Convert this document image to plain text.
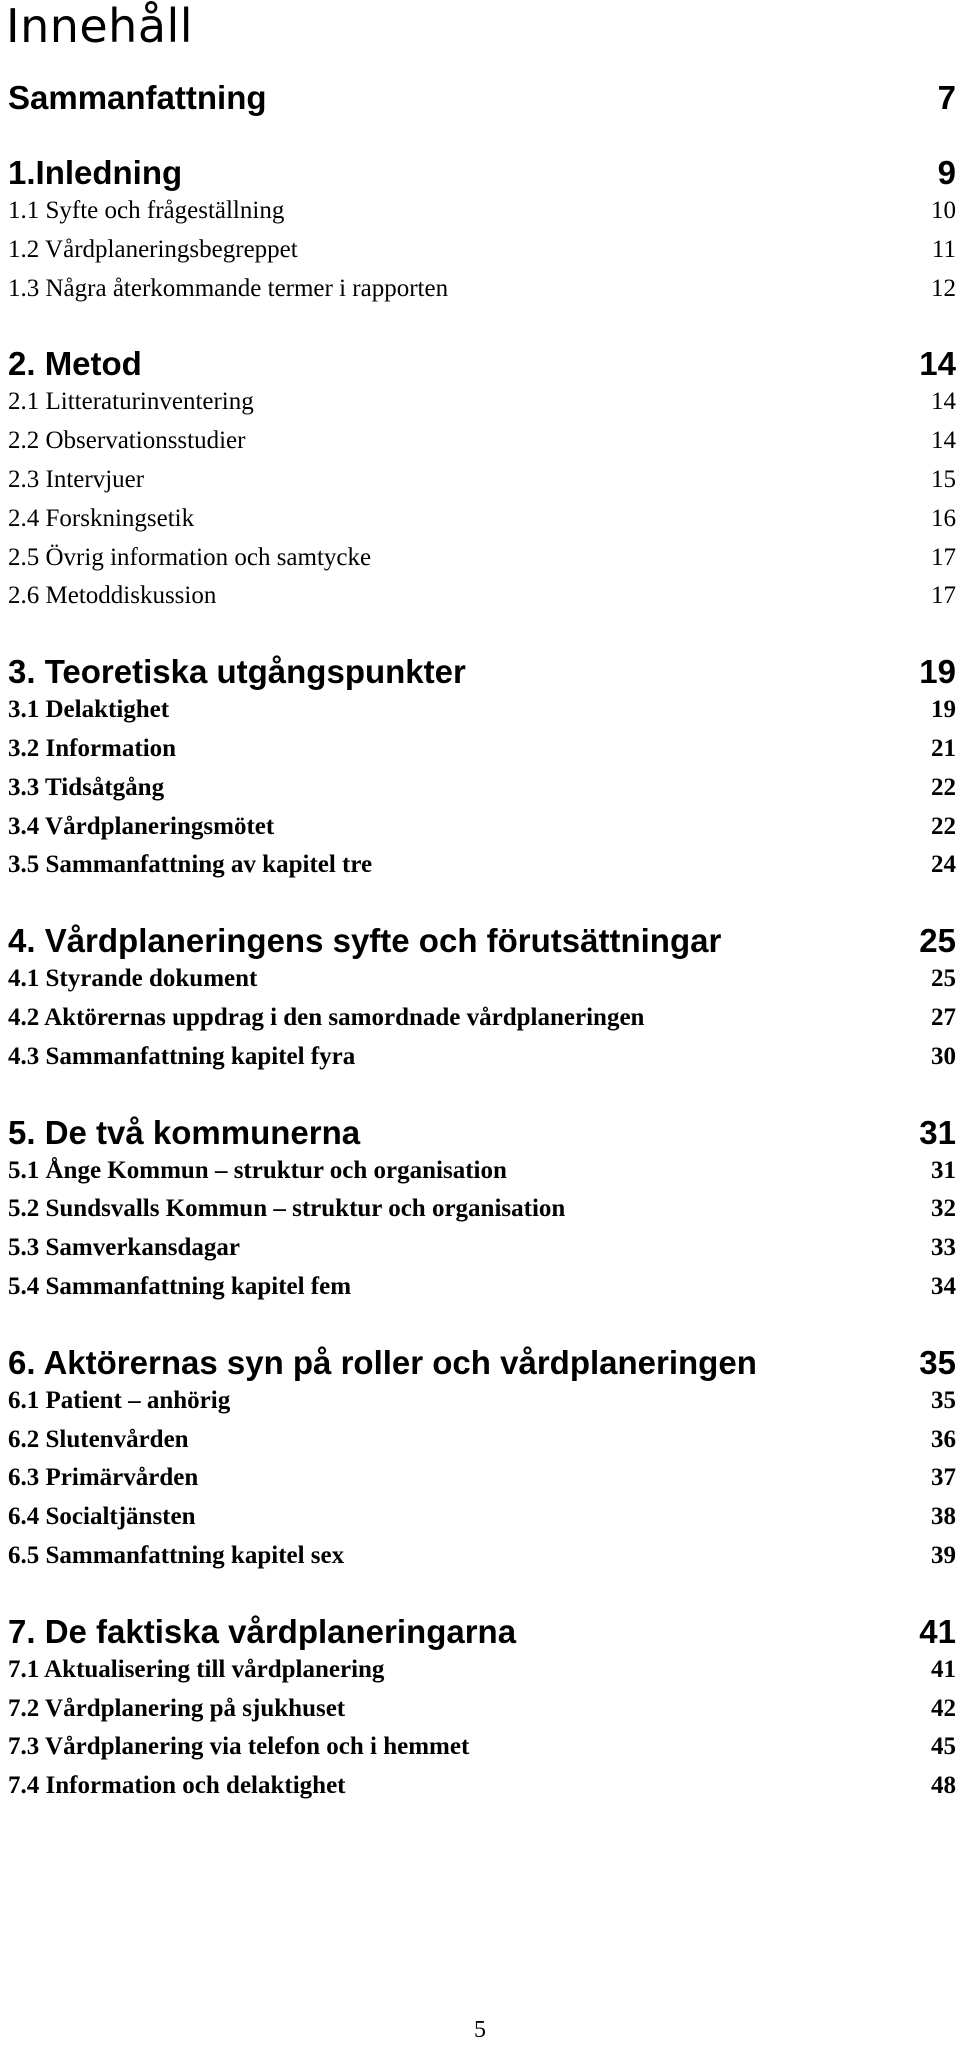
Innehåll
Sammanfattning	7
1.Inledning	9
1.1 Syfte och frågeställning	10
1.2 Vårdplaneringsbegreppet	11
1.3 Några återkommande termer i rapporten	12
2. Metod	14
2.1 Litteraturinventering	14
2.2 Observationsstudier	14
2.3 Intervjuer	15
2.4 Forskningsetik	16
2.5 Övrig information och samtycke	17
2.6 Metoddiskussion	17
3. Teoretiska utgångspunkter	19
3.1 Delaktighet	19
3.2 Information	21
3.3 Tidsåtgång	22
3.4 Vårdplaneringsmötet	22
3.5 Sammanfattning av kapitel tre	24
4. Vårdplaneringens syfte och förutsättningar	25
4.1 Styrande dokument	25
4.2 Aktörernas uppdrag i den samordnade vårdplaneringen	27
4.3 Sammanfattning kapitel fyra	30
5. De två kommunerna	31
5.1 Ånge Kommun – struktur och organisation	31
5.2 Sundsvalls Kommun – struktur och organisation	32
5.3 Samverkansdagar	33
5.4 Sammanfattning kapitel fem	34
6. Aktörernas syn på roller och vårdplaneringen	35
6.1 Patient – anhörig	35
6.2 Slutenvården	36
6.3 Primärvården	37
6.4 Socialtjänsten	38
6.5 Sammanfattning kapitel sex	39
7. De faktiska vårdplaneringarna	41
7.1 Aktualisering till vårdplanering	41
7.2 Vårdplanering på sjukhuset	42
7.3 Vårdplanering via telefon och i hemmet	45
7.4 Information och delaktighet	48
5
